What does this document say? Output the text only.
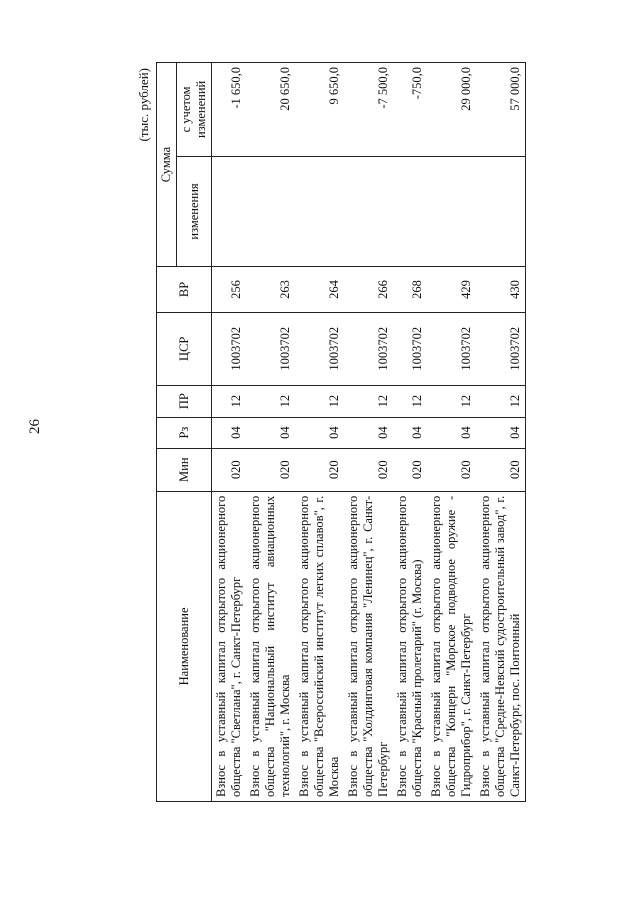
26
(тыс. рублей)
Наименование	Мин	Рз	ПР	ЦСР	ВР	Сумма	
						изменения	с учетом изменений
Взнос в уставный капитал открытого акционерного общества "Светлана", г. Санкт-Петербург	020	04	12	1003702	256		-1 650,0
Взнос в уставный капитал открытого акционерного общества "Национальный институт авиационных технологий", г. Москва	020	04	12	1003702	263		20 650,0
Взнос в уставный капитал открытого акционерного общества "Всероссийский институт легких сплавов", г. Москва	020	04	12	1003702	264		9 650,0
Взнос в уставный капитал открытого акционерного общества "Холдинговая компания "Ленинец", г. Санкт-Петербург	020	04	12	1003702	266		-7 500,0
Взнос в уставный капитал открытого акционерного общества "Красный пролетарий" (г. Москва)	020	04	12	1003702	268		-750,0
Взнос в уставный капитал открытого акционерного общества "Концерн "Морское подводное оружие - Гидроприбор", г. Санкт-Петербург	020	04	12	1003702	429		29 000,0
Взнос в уставный капитал открытого акционерного общества "Средне-Невский судостроительный завод", г. Санкт-Петербург, пос. Понтонный	020	04	12	1003702	430		57 000,0
